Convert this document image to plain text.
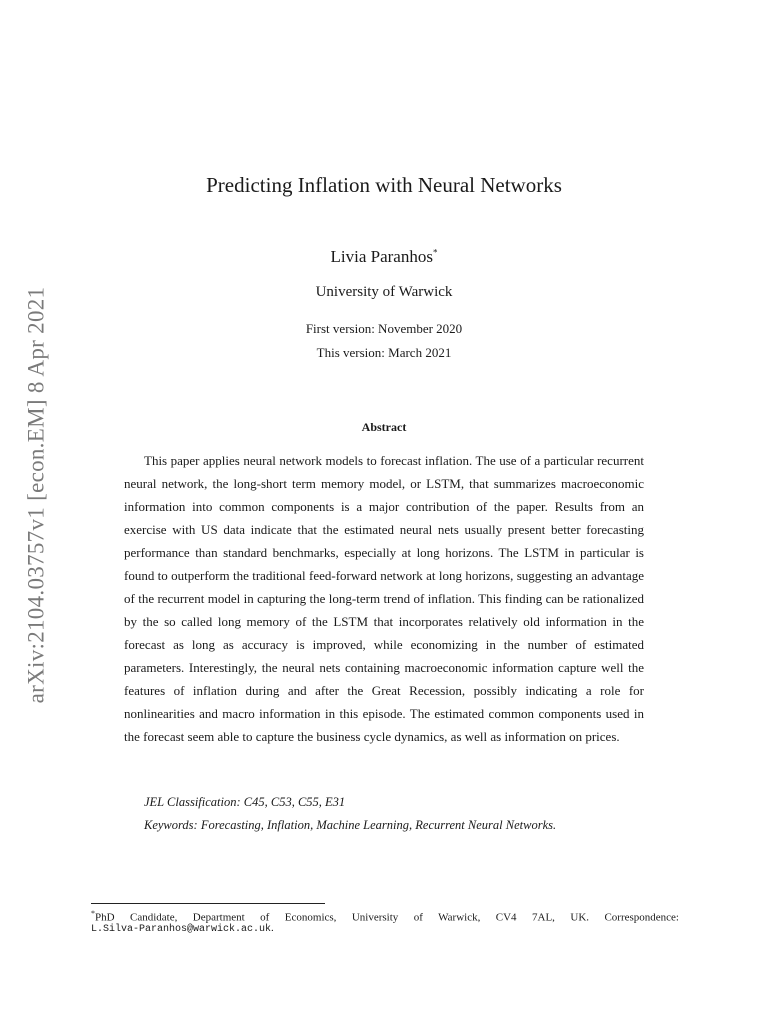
arXiv:2104.03757v1 [econ.EM] 8 Apr 2021
Predicting Inflation with Neural Networks
Livia Paranhos*
University of Warwick
First version: November 2020
This version: March 2021
Abstract

This paper applies neural network models to forecast inflation. The use of a particular recurrent neural network, the long-short term memory model, or LSTM, that summarizes macroeconomic information into common components is a major contribution of the paper. Results from an exercise with US data indicate that the estimated neural nets usually present better forecasting performance than standard benchmarks, especially at long horizons. The LSTM in particular is found to outperform the traditional feed-forward network at long horizons, suggesting an advantage of the recurrent model in capturing the long-term trend of inflation. This finding can be rationalized by the so called long memory of the LSTM that incorporates relatively old information in the forecast as long as accuracy is improved, while economizing in the number of estimated parameters. Interestingly, the neural nets containing macroeconomic information capture well the features of inflation during and after the Great Recession, possibly indicating a role for nonlinearities and macro information in this episode. The estimated common components used in the forecast seem able to capture the business cycle dynamics, as well as information on prices.

JEL Classification: C45, C53, C55, E31
Keywords: Forecasting, Inflation, Machine Learning, Recurrent Neural Networks.
*PhD Candidate, Department of Economics, University of Warwick, CV4 7AL, UK. Correspondence:
L.Silva-Paranhos@warwick.ac.uk.
